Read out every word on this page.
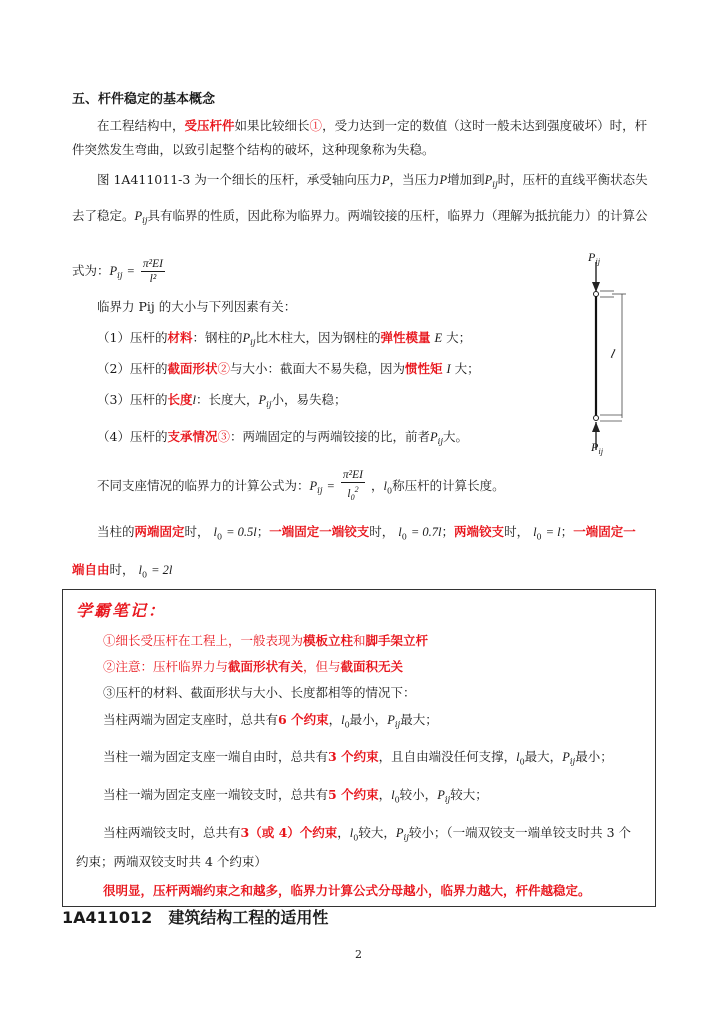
五、杆件稳定的基本概念
在工程结构中，受压杆件如果比较细长①，受力达到一定的数值（这时一般未达到强度破坏）时，杆
件突然发生弯曲，以致引起整个结构的破坏，这种现象称为失稳。
图 1A411011-3 为一个细长的压杆，承受轴向压力P，当压力P增加到$P_{ij}$时，压杆的直线平衡状态失
去了稳定。$P_{ij}$具有临界的性质，因此称为临界力。两端铰接的压杆，临界力（理解为抵抗能力）的计算公
式为：$P_{ij} = \frac{\text{π²EI}}{\text{l²}}$
临界力 Pij 的大小与下列因素有关：
（1）压杆的材料：钢柱的$P_{ij}$比木柱大，因为钢柱的弹性模量 E 大；
（2）压杆的截面形状②与大小：截面大不易失稳，因为惯性矩 I 大；
（3）压杆的长度l：长度大，$P_{ij}$小，易失稳；
（4）压杆的支承情况③：两端固定的与两端铰接的比，前者$P_{ij}$大。
不同支座情况的临界力的计算公式为：$P_{ij} = \frac{\text{π²EI}}{l_0^2}$ ，$l_0$称压杆的计算长度。
当柱的两端固定时， $l_0 = 0.5l$；一端固定一端铰支时， $l_0 = 0.7l$；两端铰支时， $l_0 = l$；一端固定一
端自由时， $l_0 = 2l$
$P_{ij}$
l
$P_{ij}$
学霸笔记：
①细长受压杆在工程上，一般表现为模板立柱和脚手架立杆
②注意：压杆临界力与截面形状有关，但与截面积无关
③压杆的材料、截面形状与大小、长度都相等的情况下：
当柱两端为固定支座时，总共有6 个约束，$l_0$最小，$P_{ij}$最大；
当柱一端为固定支座一端自由时，总共有3 个约束，且自由端没任何支撑，$l_0$最大，$P_{ij}$最小；
当柱一端为固定支座一端铰支时，总共有5 个约束，$l_0$较小，$P_{ij}$较大；
当柱两端铰支时，总共有3（或 4）个约束，$l_0$较大，$P_{ij}$较小；（一端双铰支一端单铰支时共 3 个
约束；两端双铰支时共 4 个约束）
很明显，压杆两端约束之和越多，临界力计算公式分母越小，临界力越大，杆件越稳定。
1A411012　建筑结构工程的适用性
2
